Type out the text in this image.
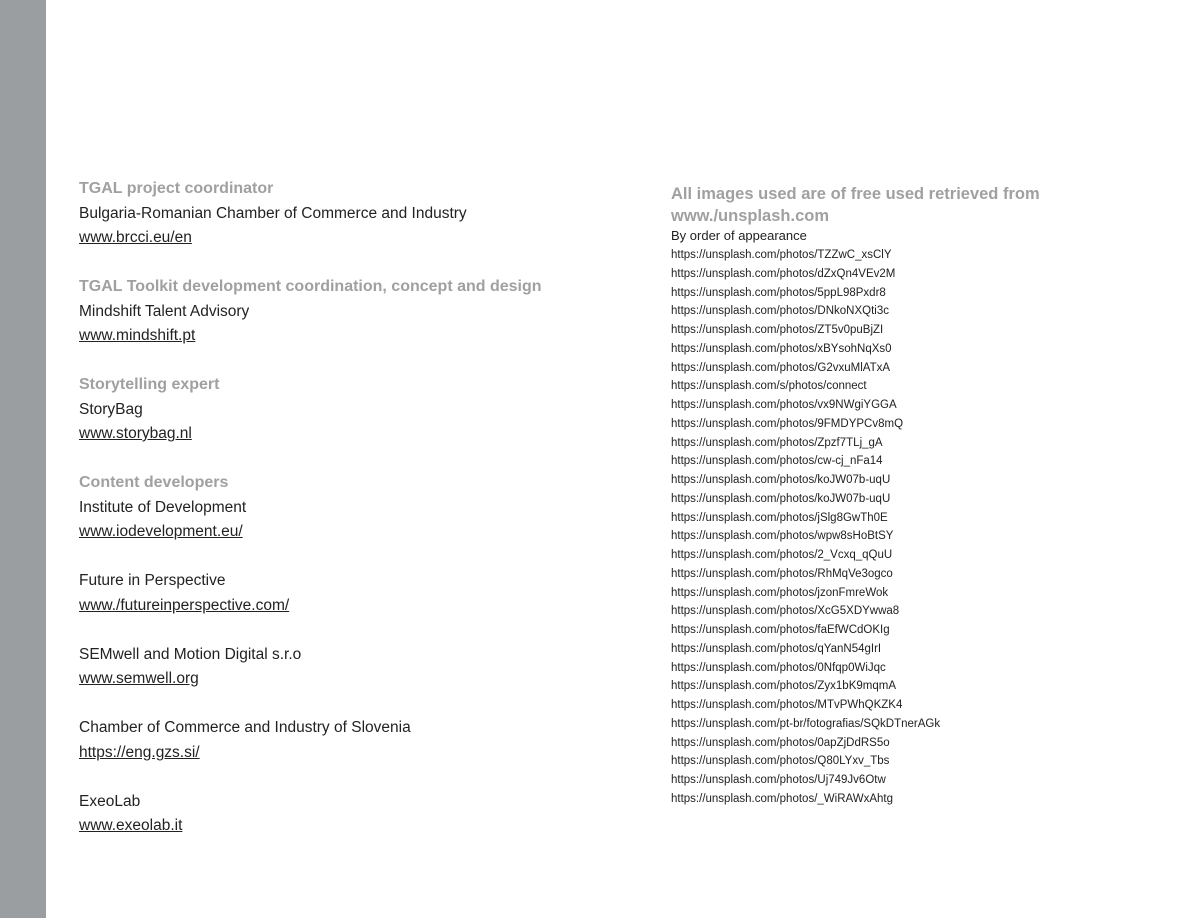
TGAL project coordinator
Bulgaria-Romanian Chamber of Commerce and Industry
www.brcci.eu/en
TGAL Toolkit development coordination, concept and design
Mindshift Talent Advisory
www.mindshift.pt
Storytelling expert
StoryBag
www.storybag.nl
Content developers
Institute of Development
www.iodevelopment.eu/
Future in Perspective
www./futureinperspective.com/
SEMwell and Motion Digital s.r.o
www.semwell.org
Chamber of Commerce and Industry of Slovenia
https://eng.gzs.si/
ExeoLab
www.exeolab.it

All images used are of free used retrieved from
www./unsplash.com

By order of appearance
https://unsplash.com/photos/TZZwC_xsClY
https://unsplash.com/photos/dZxQn4VEv2M
https://unsplash.com/photos/5ppL98Pxdr8
https://unsplash.com/photos/DNkoNXQti3c
https://unsplash.com/photos/ZT5v0puBjZI
https://unsplash.com/photos/xBYsohNqXs0
https://unsplash.com/photos/G2vxuMlATxA
https://unsplash.com/s/photos/connect
https://unsplash.com/photos/vx9NWgiYGGA
https://unsplash.com/photos/9FMDYPCv8mQ
https://unsplash.com/photos/Zpzf7TLj_gA
https://unsplash.com/photos/cw-cj_nFa14
https://unsplash.com/photos/koJW07b-uqU
https://unsplash.com/photos/koJW07b-uqU
https://unsplash.com/photos/jSlg8GwTh0E
https://unsplash.com/photos/wpw8sHoBtSY
https://unsplash.com/photos/2_Vcxq_qQuU
https://unsplash.com/photos/RhMqVe3ogco
https://unsplash.com/photos/jzonFmreWok
https://unsplash.com/photos/XcG5XDYwwa8
https://unsplash.com/photos/faEfWCdOKIg
https://unsplash.com/photos/qYanN54gIrI
https://unsplash.com/photos/0Nfqp0WiJqc
https://unsplash.com/photos/Zyx1bK9mqmA
https://unsplash.com/photos/MTvPWhQKZK4
https://unsplash.com/pt-br/fotografias/SQkDTnerAGk
https://unsplash.com/photos/0apZjDdRS5o
https://unsplash.com/photos/Q80LYxv_Tbs
https://unsplash.com/photos/Uj749Jv6Otw
https://unsplash.com/photos/_WiRAWxAhtg
